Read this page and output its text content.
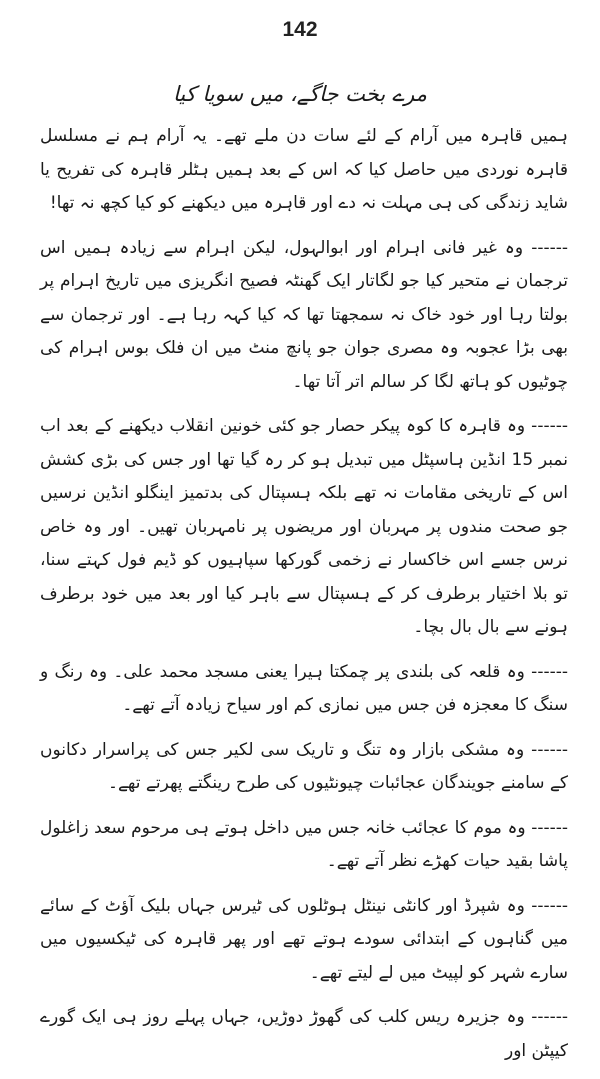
142
مرے بخت جاگے، میں سویا کیا

ہمیں قاہرہ میں آرام کے لئے سات دن ملے تھے۔ یہ آرام ہم نے مسلسل قاہرہ نوردی میں حاصل کیا کہ اس کے بعد ہمیں ہٹلر قاہرہ کی تفریح یا شاید زندگی کی ہی مہلت نہ دے اور قاہرہ میں دیکھنے کو کیا کچھ نہ تھا!

------ وہ غیر فانی اہرام اور ابوالہول، لیکن اہرام سے زیادہ ہمیں اس ترجمان نے متحیر کیا جو لگاتار ایک گھنٹہ فصیح انگریزی میں تاریخ اہرام پر بولتا رہا اور خود خاک نہ سمجھتا تھا کہ کیا کہہ رہا ہے۔ اور ترجمان سے بھی بڑا عجوبہ وہ مصری جوان جو پانچ منٹ میں ان فلک بوس اہرام کی چوٹیوں کو ہاتھ لگا کر سالم اتر آتا تھا۔

------ وہ قاہرہ کا کوہ پیکر حصار جو کئی خونین انقلاب دیکھنے کے بعد اب نمبر 15 انڈین ہاسپٹل میں تبدیل ہو کر رہ گیا تھا اور جس کی بڑی کشش اس کے تاریخی مقامات نہ تھے بلکہ ہسپتال کی بدتمیز اینگلو انڈین نرسیں جو صحت مندوں پر مہربان اور مریضوں پر نامہربان تھیں۔ اور وہ خاص نرس جسے اس خاکسار نے زخمی گورکھا سپاہیوں کو ڈیم فول کہتے سنا، تو بلا اختیار برطرف کر کے ہسپتال سے باہر کیا اور بعد میں خود برطرف ہونے سے بال بال بچا۔

------ وہ قلعہ کی بلندی پر چمکتا ہیرا یعنی مسجد محمد علی۔ وہ رنگ و سنگ کا معجزہ فن جس میں نمازی کم اور سیاح زیادہ آتے تھے۔

------ وہ مشکی بازار وہ تنگ و تاریک سی لکیر جس کی پراسرار دکانوں کے سامنے جویندگان عجائبات چیونٹیوں کی طرح رینگتے پھرتے تھے۔

------ وہ موم کا عجائب خانہ جس میں داخل ہوتے ہی مرحوم سعد زاغلول پاشا بقید حیات کھڑے نظر آتے تھے۔

------ وہ شپرڈ اور کانٹی نینٹل ہوٹلوں کی ٹیرس جہاں بلیک آؤٹ کے سائے میں گناہوں کے ابتدائی سودے ہوتے تھے اور پھر قاہرہ کی ٹیکسیوں میں سارے شہر کو لپیٹ میں لے لیتے تھے۔

------ وہ جزیرہ ریس کلب کی گھوڑ دوڑیں، جہاں پہلے روز ہی ایک گورے کیپٹن اور
